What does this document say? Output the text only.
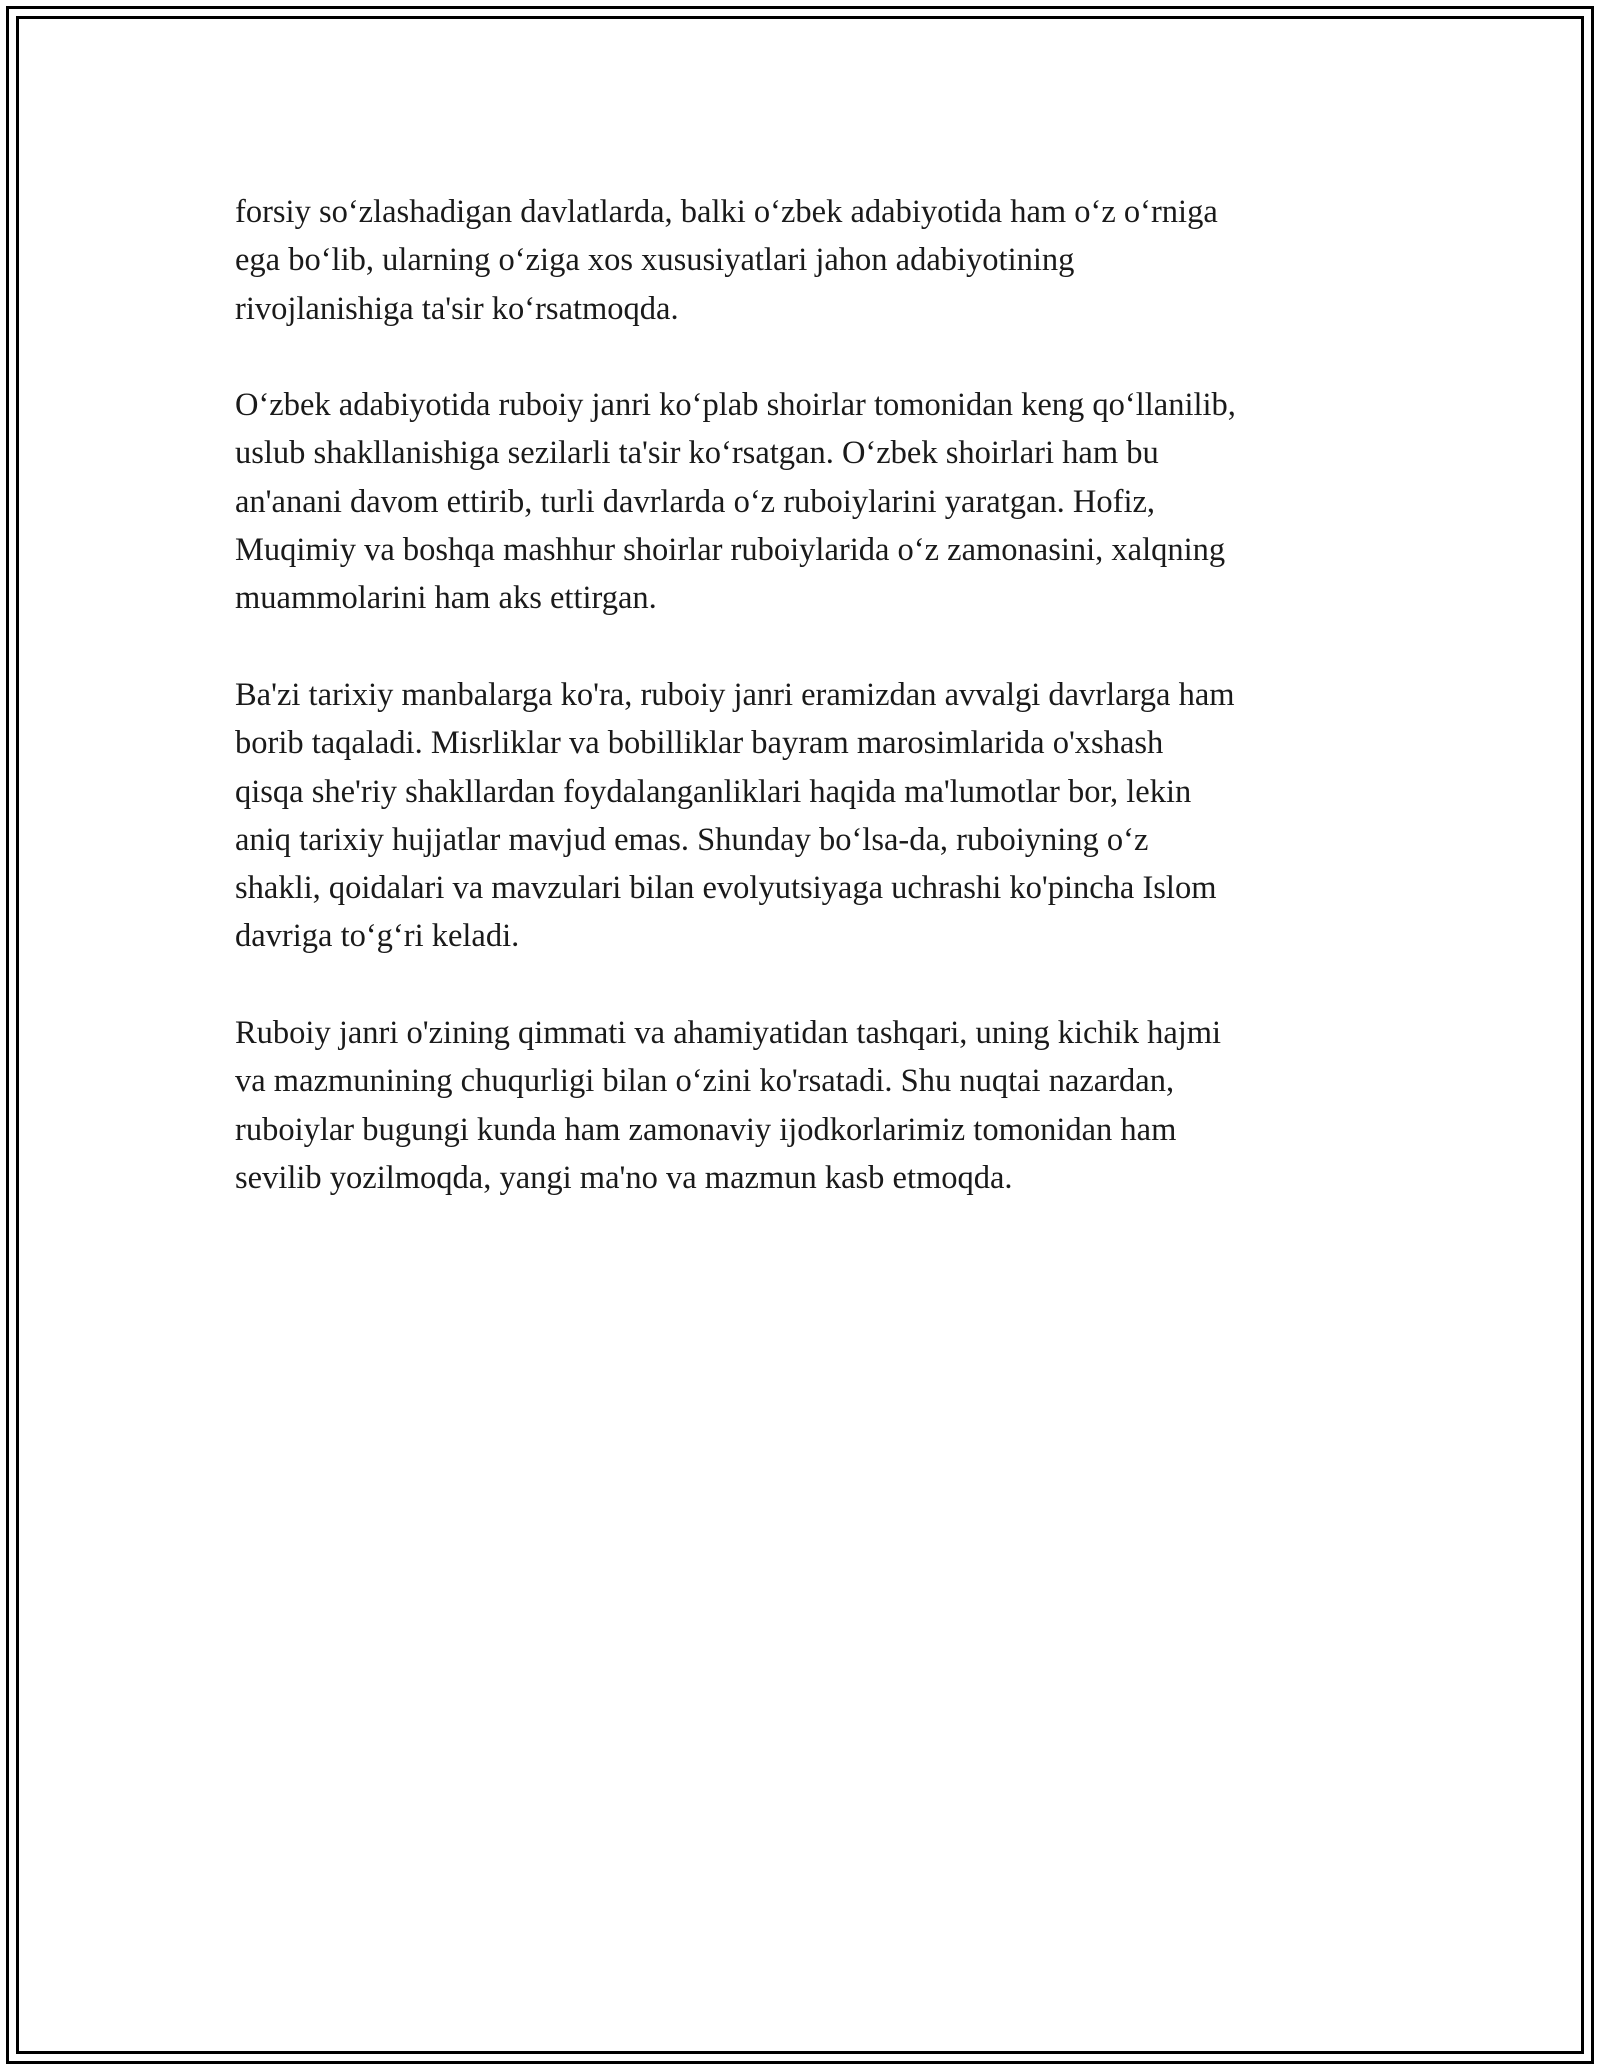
forsiy so‘zlashadigan davlatlarda, balki o‘zbek adabiyotida ham o‘z o‘rniga
ega bo‘lib, ularning o‘ziga xos xususiyatlari jahon adabiyotining
rivojlanishiga ta'sir ko‘rsatmoqda.

O‘zbek adabiyotida ruboiy janri ko‘plab shoirlar tomonidan keng qo‘llanilib,
uslub shakllanishiga sezilarli ta'sir ko‘rsatgan. O‘zbek shoirlari ham bu
an'anani davom ettirib, turli davrlarda o‘z ruboiylarini yaratgan. Hofiz,
Muqimiy va boshqa mashhur shoirlar ruboiylarida o‘z zamonasini, xalqning
muammolarini ham aks ettirgan.

Ba'zi tarixiy manbalarga ko'ra, ruboiy janri eramizdan avvalgi davrlarga ham
borib taqaladi. Misrliklar va bobilliklar bayram marosimlarida o'xshash
qisqa she'riy shakllardan foydalanganliklari haqida ma'lumotlar bor, lekin
aniq tarixiy hujjatlar mavjud emas. Shunday bo‘lsa-da, ruboiyning o‘z
shakli, qoidalari va mavzulari bilan evolyutsiyaga uchrashi ko'pincha Islom
davriga to‘g‘ri keladi.

Ruboiy janri o'zining qimmati va ahamiyatidan tashqari, uning kichik hajmi
va mazmunining chuqurligi bilan o‘zini ko'rsatadi. Shu nuqtai nazardan,
ruboiylar bugungi kunda ham zamonaviy ijodkorlarimiz tomonidan ham
sevilib yozilmoqda, yangi ma'no va mazmun kasb etmoqda.
